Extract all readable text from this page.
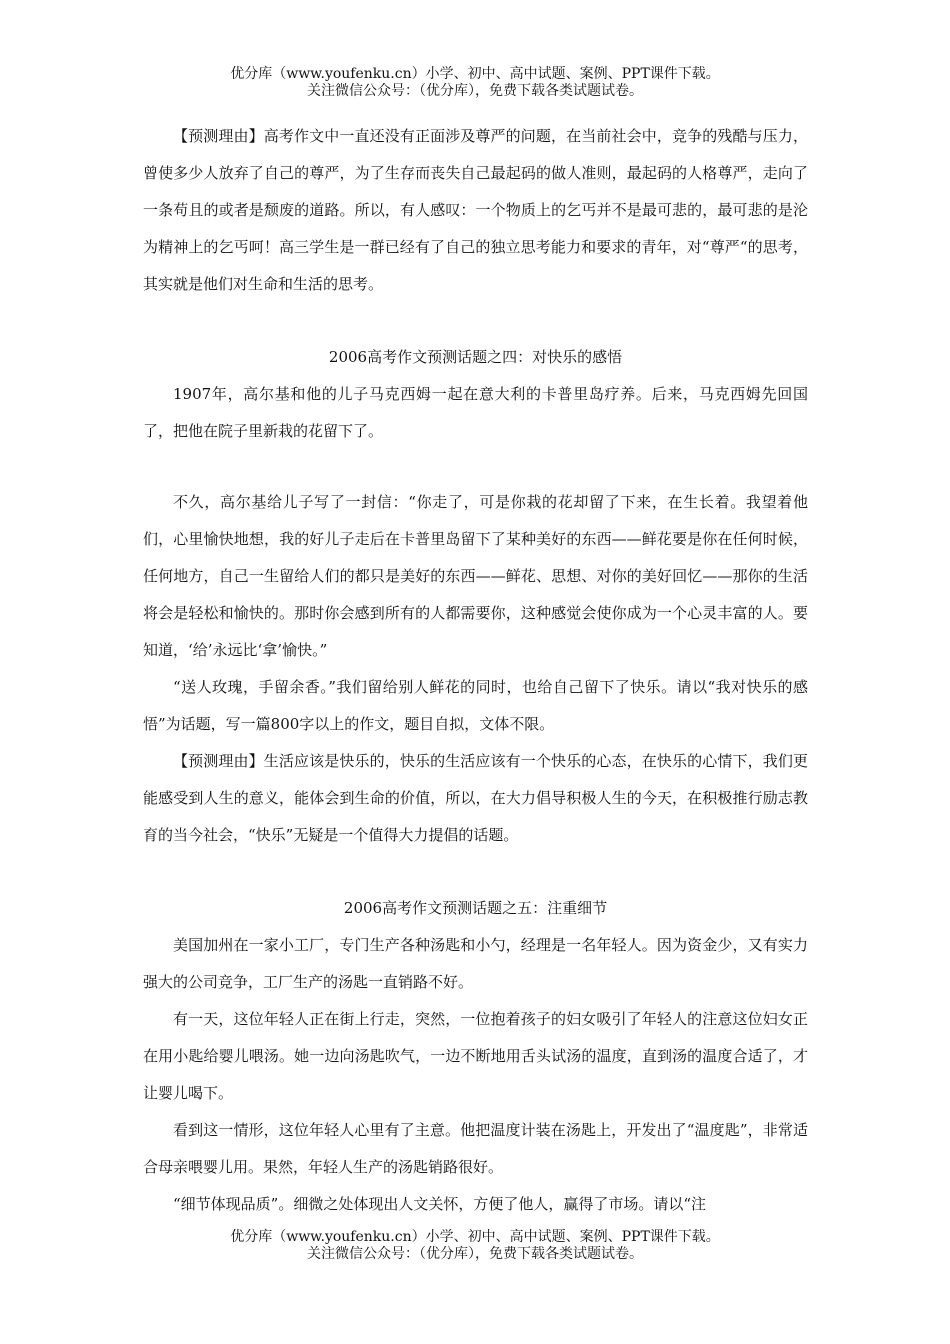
优分库（www.youfenku.cn）小学、初中、高中试题、案例、PPT课件下载。
关注微信公众号：（优分库），免费下载各类试题试卷。

【预测理由】高考作文中一直还没有正面涉及尊严的问题，在当前社会中，竞争的残酷与压力，曾使多少人放弃了自己的尊严，为了生存而丧失自己最起码的做人准则，最起码的人格尊严，走向了一条苟且的或者是颓废的道路。所以，有人感叹：一个物质上的乞丐并不是最可悲的，最可悲的是沦为精神上的乞丐呵！高三学生是一群已经有了自己的独立思考能力和要求的青年，对“尊严“的思考，其实就是他们对生命和生活的思考。

2006高考作文预测话题之四：对快乐的感悟

1907年，高尔基和他的儿子马克西姆一起在意大利的卡普里岛疗养。后来，马克西姆先回国了，把他在院子里新栽的花留下了。

不久，高尔基给儿子写了一封信：“你走了，可是你栽的花却留了下来，在生长着。我望着他们，心里愉快地想，我的好儿子走后在卡普里岛留下了某种美好的东西——鲜花要是你在任何时候，任何地方，自己一生留给人们的都只是美好的东西——鲜花、思想、对你的美好回忆——那你的生活将会是轻松和愉快的。那时你会感到所有的人都需要你，这种感觉会使你成为一个心灵丰富的人。要知道，‘给’永远比‘拿’愉快。”

“送人玫瑰，手留余香。”我们留给别人鲜花的同时，也给自己留下了快乐。请以“我对快乐的感悟”为话题，写一篇800字以上的作文，题目自拟，文体不限。

【预测理由】生活应该是快乐的，快乐的生活应该有一个快乐的心态，在快乐的心情下，我们更能感受到人生的意义，能体会到生命的价值，所以，在大力倡导积极人生的今天，在积极推行励志教育的当今社会，“快乐”无疑是一个值得大力提倡的话题。

2006高考作文预测话题之五：注重细节

美国加州在一家小工厂，专门生产各种汤匙和小勺，经理是一名年轻人。因为资金少，又有实力强大的公司竞争，工厂生产的汤匙一直销路不好。

有一天，这位年轻人正在街上行走，突然，一位抱着孩子的妇女吸引了年轻人的注意这位妇女正在用小匙给婴儿喂汤。她一边向汤匙吹气，一边不断地用舌头试汤的温度，直到汤的温度合适了，才让婴儿喝下。

看到这一情形，这位年轻人心里有了主意。他把温度计装在汤匙上，开发出了“温度匙”，非常适合母亲喂婴儿用。果然，年轻人生产的汤匙销路很好。

“细节体现品质”。细微之处体现出人文关怀，方便了他人，赢得了市场。请以“注

优分库（www.youfenku.cn）小学、初中、高中试题、案例、PPT课件下载。
关注微信公众号：（优分库），免费下载各类试题试卷。
